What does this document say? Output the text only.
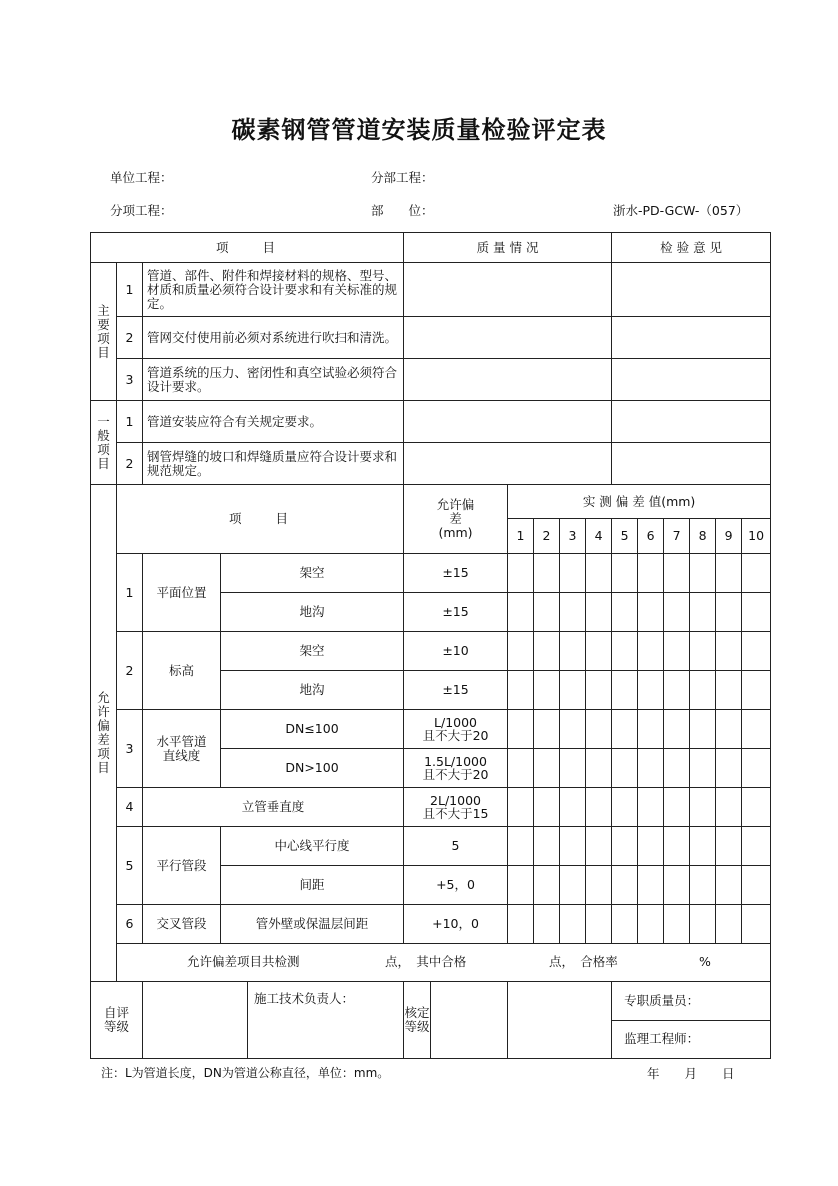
碳素钢管管道安装质量检验评定表
单位工程：	分部工程：
分项工程：	部　　位：	浙水-PD-GCW-（057）
项　　目				质 量 情 况					检 验 意 见					
主要项目	1	管道、部件、附件和焊接材料的规格、型号、材质和质量必须符合设计要求和有关标准的规定。												
	2	管网交付使用前必须对系统进行吹扫和清洗。												
	3	管道系统的压力、密闭性和真空试验必须符合设计要求。												
一般项目	1	管道安装应符合有关规定要求。												
	2	钢管焊缝的坡口和焊缝质量应符合设计要求和规范规定。												
允许偏差项目	项　　目			允许偏差(mm)	实 测 偏 差 值(mm)									
					1	2	3	4	5	6	7	8	9	10
	1	平面位置	架空	±15										
			地沟	±15										
	2	标高	架空	±10										
			地沟	±15										
	3	水平管道直线度	DN≤100	L/1000
且不大于20										
			DN>100	1.5L/1000
且不大于20										
	4	立管垂直度		2L/1000
且不大于15										
	5	平行管段	中心线平行度	5										
			间距	+5，0										
	6	交叉管段	管外壁或保温层间距	+10，0										

	允许偏差项目共检测 点，　其中合格 点，　合格率 %													

自评等级		施工技术负责人：		核定等级					专职质量员：					
									监理工程师：					
注：L为管道长度，DN为管道公称直径，单位：mm。	年　　月　　日
